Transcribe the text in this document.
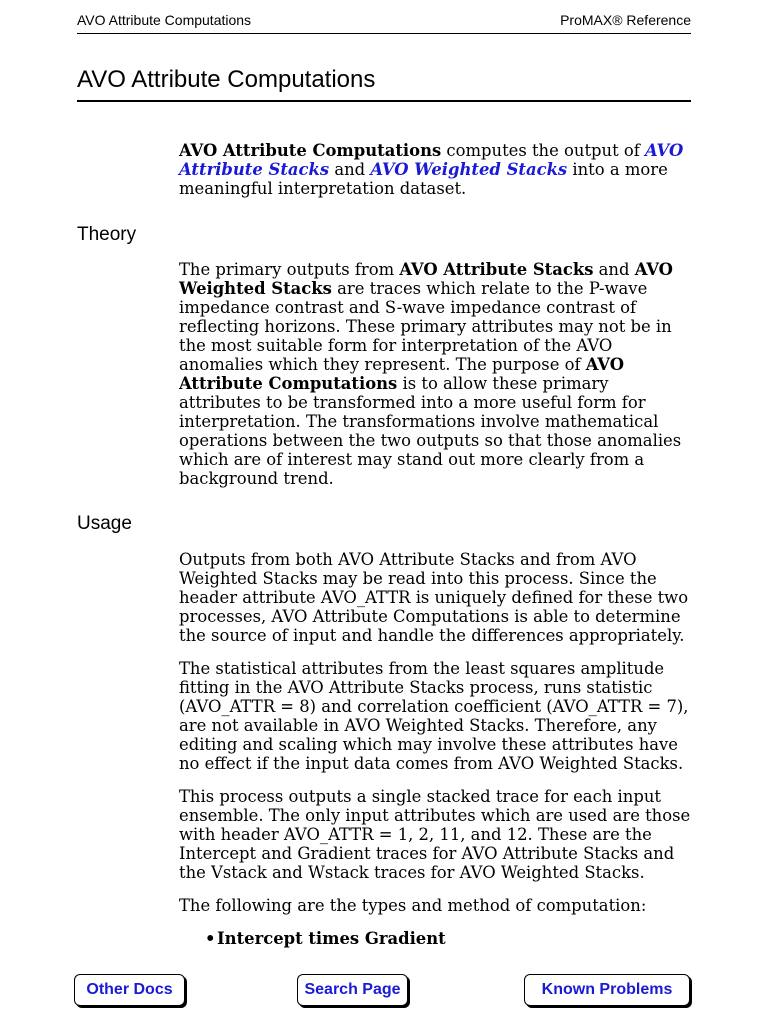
AVO Attribute Computations	ProMAX® Reference
AVO Attribute Computations

AVO Attribute Computations computes the output of AVO Attribute Stacks and AVO Weighted Stacks into a more meaningful interpretation dataset.

Theory

The primary outputs from AVO Attribute Stacks and AVO Weighted Stacks are traces which relate to the P-wave impedance contrast and S-wave impedance contrast of reflecting horizons. These primary attributes may not be in the most suitable form for interpretation of the AVO anomalies which they represent. The purpose of AVO Attribute Computations is to allow these primary attributes to be transformed into a more useful form for interpretation. The transformations involve mathematical operations between the two outputs so that those anomalies which are of interest may stand out more clearly from a background trend.

Usage

Outputs from both AVO Attribute Stacks and from AVO Weighted Stacks may be read into this process. Since the header attribute AVO_ATTR is uniquely defined for these two processes, AVO Attribute Computations is able to determine the source of input and handle the differences appropriately.

The statistical attributes from the least squares amplitude fitting in the AVO Attribute Stacks process, runs statistic (AVO_ATTR = 8) and correlation coefficient (AVO_ATTR = 7), are not available in AVO Weighted Stacks. Therefore, any editing and scaling which may involve these attributes have no effect if the input data comes from AVO Weighted Stacks.

This process outputs a single stacked trace for each input ensemble. The only input attributes which are used are those with header AVO_ATTR = 1, 2, 11, and 12. These are the Intercept and Gradient traces for AVO Attribute Stacks and the Vstack and Wstack traces for AVO Weighted Stacks.

The following are the types and method of computation:

• Intercept times Gradient

Other Docs	Search Page	Known Problems
